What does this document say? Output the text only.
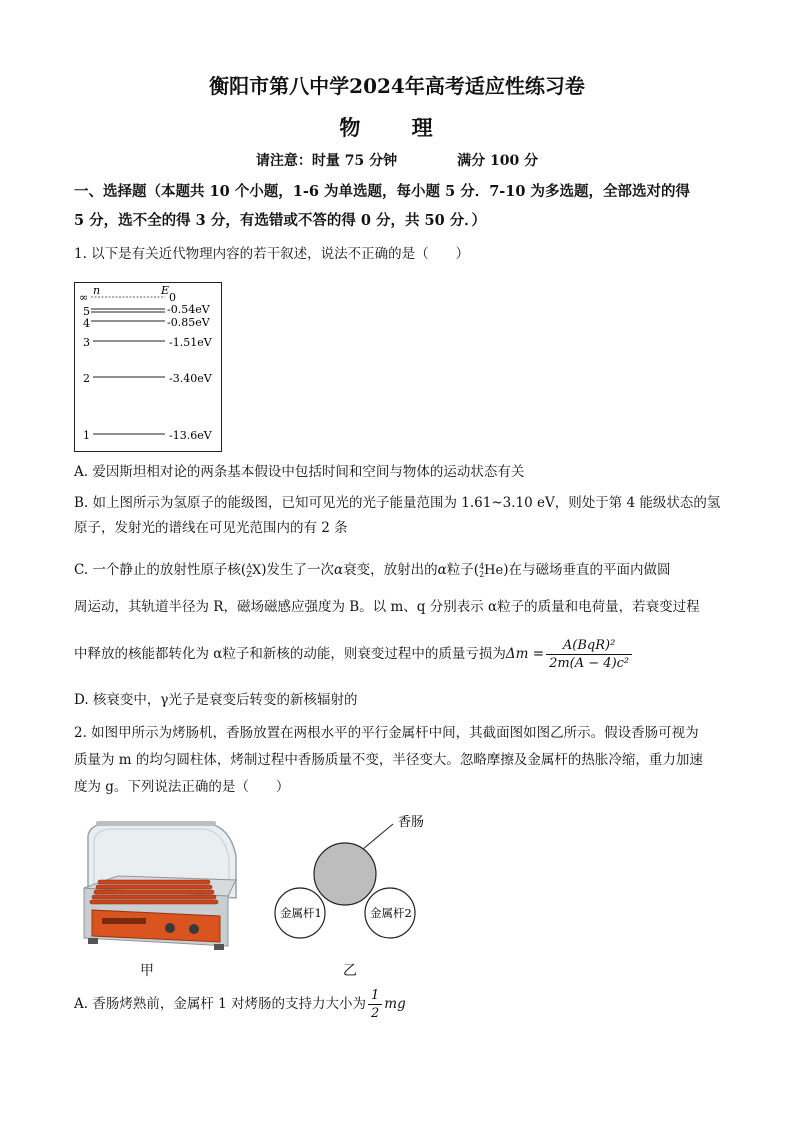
衡阳市第八中学2024年高考适应性练习卷
物 理
请注意：时量 75 分钟	满分 100 分
一、选择题（本题共 10 个小题，1-6 为单选题，每小题 5 分．7-10 为多选题，全部选对的得
5 分，选不全的得 3 分，有选错或不答的得 0 分，共 50 分．）
1. 以下是有关近代物理内容的若干叙述，说法不正确的是（　　）
n	E
∞	0
5	-0.54eV
4	-0.85eV
3	-1.51eV
2	-3.40eV
1	-13.6eV
A. 爱因斯坦相对论的两条基本假设中包括时间和空间与物体的运动状态有关
B. 如上图所示为氢原子的能级图，已知可见光的光子能量范围为 1.61~3.10 eV，则处于第 4 能级状态的氢
原子，发射光的谱线在可见光范围内的有 2 条
C. 一个静止的放射性原子核( A
Z X)发生了一次α衰变，放射出的α粒子( 4
2 He)在与磁场垂直的平面内做圆
周运动，其轨道半径为 R，磁场磁感应强度为 B。以 m、q 分别表示 α粒子的质量和电荷量，若衰变过程
中释放的核能都转化为 α粒子和新核的动能，则衰变过程中的质量亏损为$\Delta m = \frac{\text{A(BqR)²}}{\text{2m(A − 4)c²}}$
D. 核衰变中，γ光子是衰变后转变的新核辐射的
2. 如图甲所示为烤肠机，香肠放置在两根水平的平行金属杆中间，其截面图如图乙所示。假设香肠可视为
质量为 m 的均匀圆柱体，烤制过程中香肠质量不变，半径变大。忽略摩擦及金属杆的热胀冷缩，重力加速
度为 g。下列说法正确的是（　　）
甲
香肠
金属杆1	金属杆2
乙
A. 香肠烤熟前，金属杆 1 对烤肠的支持力大小为 $\frac{1}{2}$ mg
